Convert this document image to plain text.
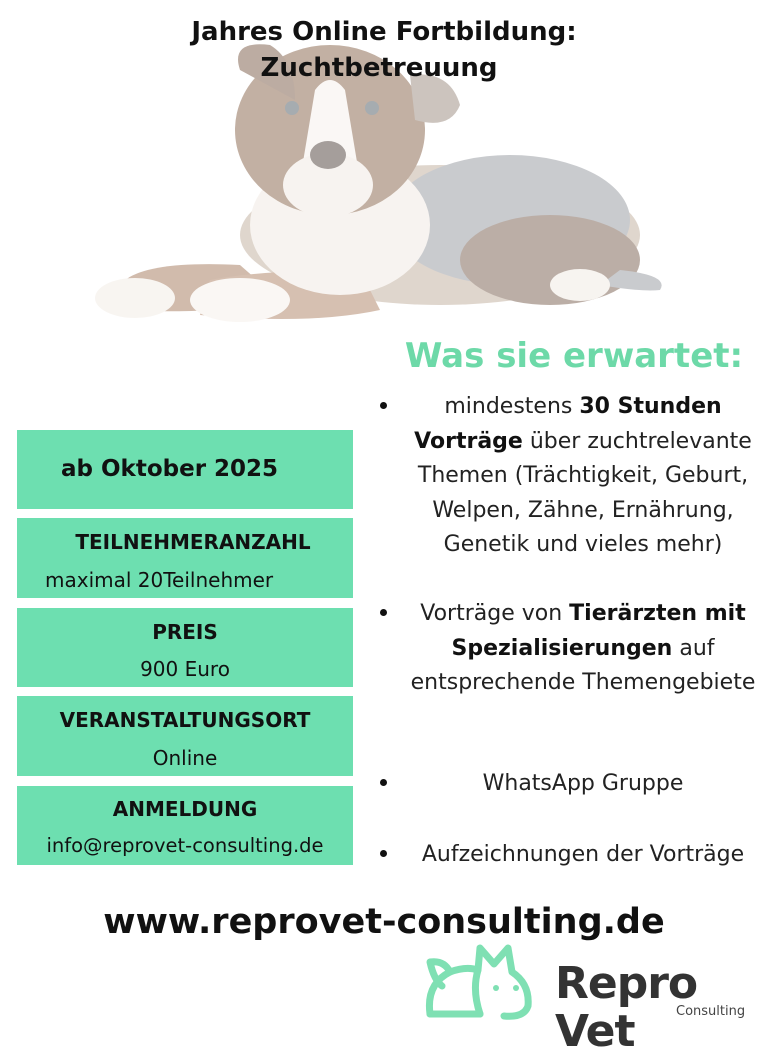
Jahres Online Fortbildung:
Zuchtbetreuung
Was sie erwartet:
mindestens 30 Stunden Vorträge über zuchtrelevante Themen (Trächtigkeit, Geburt, Welpen, Zähne, Ernährung, Genetik und vieles mehr)
Vorträge von Tierärzten mit Spezialisierungen auf entsprechende Themengebiete
WhatsApp Gruppe
Aufzeichnungen der Vorträge
ab Oktober 2025
TEILNEHMERANZAHL
maximal 20Teilnehmer
PREIS
900 Euro
VERANSTALTUNGSORT
Online
ANMELDUNG
info@reprovet-consulting.de
www.reprovet-consulting.de
Repro Vet	Consulting
